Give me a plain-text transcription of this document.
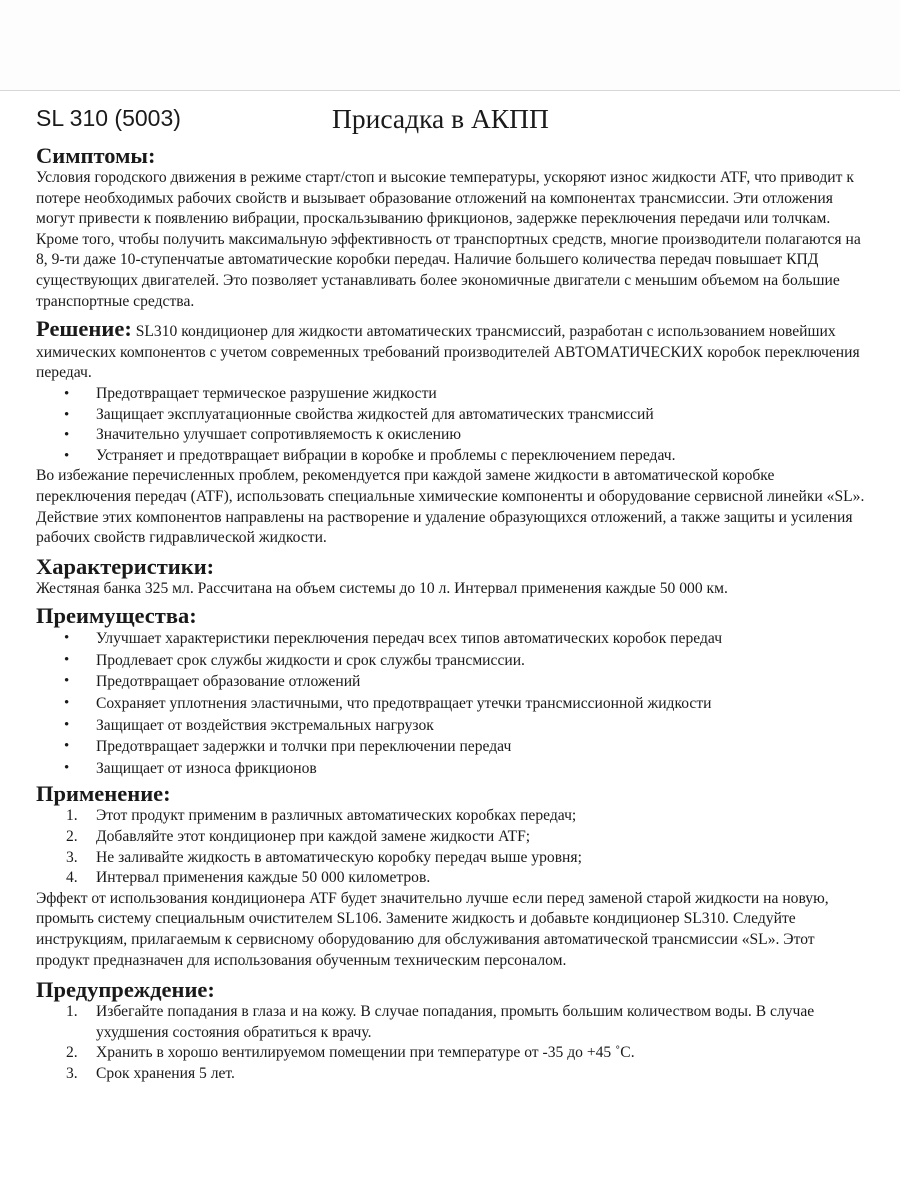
SL 310 (5003)	Присадка в АКПП
Симптомы:

Условия городского движения в режиме старт/стоп и высокие температуры, ускоряют износ жидкости ATF, что приводит к потере необходимых рабочих свойств и вызывает образование отложений на компонентах трансмиссии. Эти отложения могут привести к появлению вибрации, проскальзыванию фрикционов, задержке переключения передачи или толчкам.

Кроме того, чтобы получить максимальную эффективность от транспортных средств, многие производители полагаются на 8, 9-ти даже 10-ступенчатые автоматические коробки передач. Наличие большего количества передач повышает КПД существующих двигателей. Это позволяет устанавливать более экономичные двигатели с меньшим объемом на большие транспортные средства.

Решение: SL310 кондиционер для жидкости автоматических трансмиссий, разработан с использованием новейших химических компонентов с учетом современных требований производителей АВТОМАТИЧЕСКИХ коробок переключения передач.

• Предотвращает термическое разрушение жидкости
• Защищает эксплуатационные свойства жидкостей для автоматических трансмиссий
• Значительно улучшает сопротивляемость к окислению
• Устраняет и предотвращает вибрации в коробке и проблемы с переключением передач.

Во избежание перечисленных проблем, рекомендуется при каждой замене жидкости в автоматической коробке переключения передач (ATF), использовать специальные химические компоненты и оборудование сервисной линейки «SL». Действие этих компонентов направлены на растворение и удаление образующихся отложений, а также защиты и усиления рабочих свойств гидравлической жидкости.

Характеристики:

Жестяная банка 325 мл. Рассчитана на объем системы до 10 л. Интервал применения каждые 50 000 км.

Преимущества:
• Улучшает характеристики переключения передач всех типов автоматических коробок передач
• Продлевает срок службы жидкости и срок службы трансмиссии.
• Предотвращает образование отложений
• Сохраняет уплотнения эластичными, что предотвращает утечки трансмиссионной жидкости
• Защищает от воздействия экстремальных нагрузок
• Предотвращает задержки и толчки при переключении передач
• Защищает от износа фрикционов
Применение:
1. Этот продукт применим в различных автоматических коробках передач;
2. Добавляйте этот кондиционер при каждой замене жидкости ATF;
3. Не заливайте жидкость в автоматическую коробку передач выше уровня;
4. Интервал применения каждые 50 000 километров.

Эффект от использования кондиционера ATF будет значительно лучше если перед заменой старой жидкости на новую, промыть систему специальным очистителем SL106. Замените жидкость и добавьте кондиционер SL310. Следуйте инструкциям, прилагаемым к сервисному оборудованию для обслуживания автоматической трансмиссии «SL». Этот продукт предназначен для использования обученным техническим персоналом.

Предупреждение:
1. Избегайте попадания в глаза и на кожу. В случае попадания, промыть большим количеством воды. В случае ухудшения состояния обратиться к врачу.
2. Хранить в хорошо вентилируемом помещении при температуре от -35 до +45 ˚С.
3. Срок хранения 5 лет.
